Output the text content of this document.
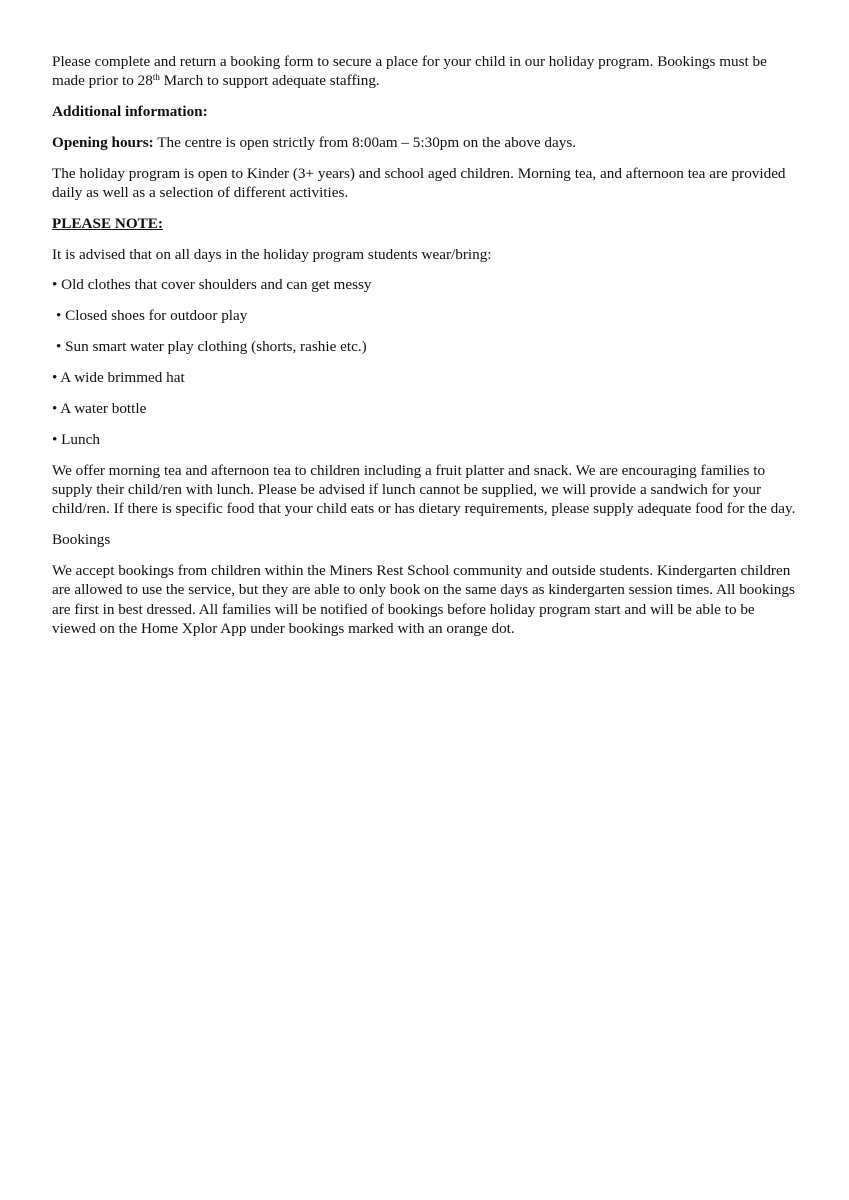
Please complete and return a booking form to secure a place for your child in our holiday program. Bookings must be made prior to 28th March to support adequate staffing.

Additional information:

Opening hours: The centre is open strictly from 8:00am – 5:30pm on the above days.

The holiday program is open to Kinder (3+ years) and school aged children. Morning tea, and afternoon tea are provided daily as well as a selection of different activities.

PLEASE NOTE:

It is advised that on all days in the holiday program students wear/bring:

• Old clothes that cover shoulders and can get messy

• Closed shoes for outdoor play

• Sun smart water play clothing (shorts, rashie etc.)

• A wide brimmed hat

• A water bottle

• Lunch

We offer morning tea and afternoon tea to children including a fruit platter and snack. We are encouraging families to supply their child/ren with lunch. Please be advised if lunch cannot be supplied, we will provide a sandwich for your child/ren. If there is specific food that your child eats or has dietary requirements, please supply adequate food for the day.

Bookings

We accept bookings from children within the Miners Rest School community and outside students. Kindergarten children are allowed to use the service, but they are able to only book on the same days as kindergarten session times. All bookings are first in best dressed. All families will be notified of bookings before holiday program start and will be able to be viewed on the Home Xplor App under bookings marked with an orange dot.
